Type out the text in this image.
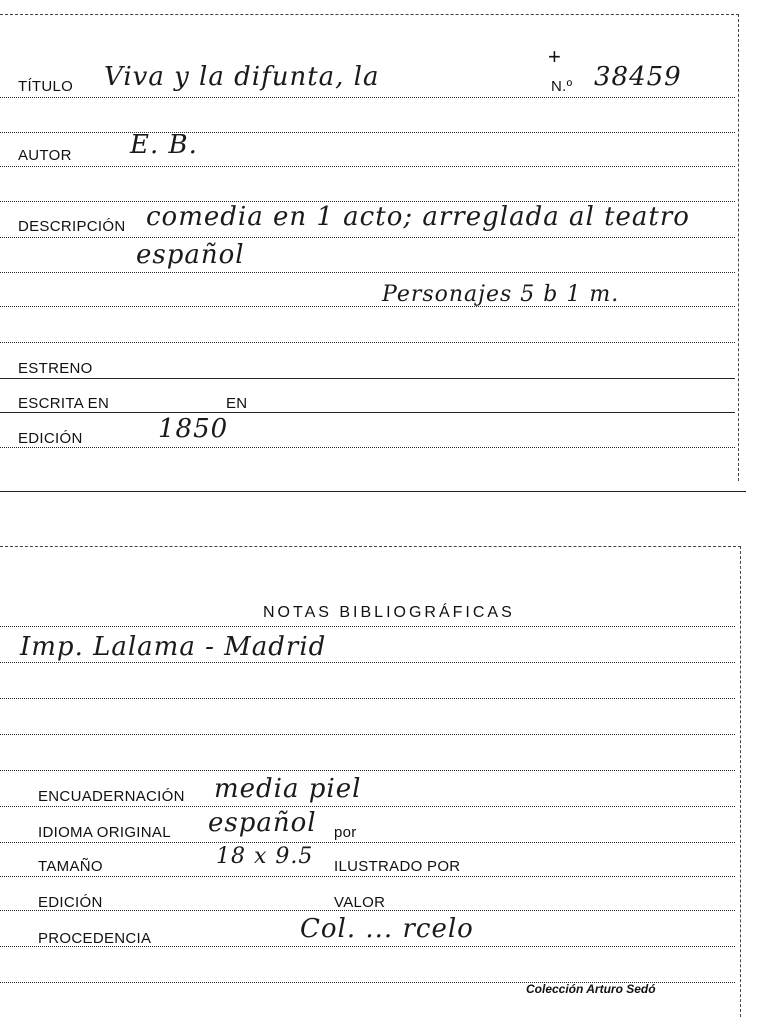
TÍTULO Viva y la difunta, la
+
N.º 38459
AUTOR E. B.
DESCRIPCIÓN comedia en 1 acto; arreglada al teatro
español
Personajes 5 b 1 m.
ESTRENO
ESCRITA EN	EN
EDICIÓN	1850
NOTAS BIBLIOGRÁFICAS
Imp. Lalama - Madrid
ENCUADERNACIÓN media piel
IDIOMA ORIGINAL español por
TAMAÑO	18 x 9.5 ILUSTRADO POR
EDICIÓN	VALOR
PROCEDENCIA	Col. ... rcelo
Colección Arturo Sedó
